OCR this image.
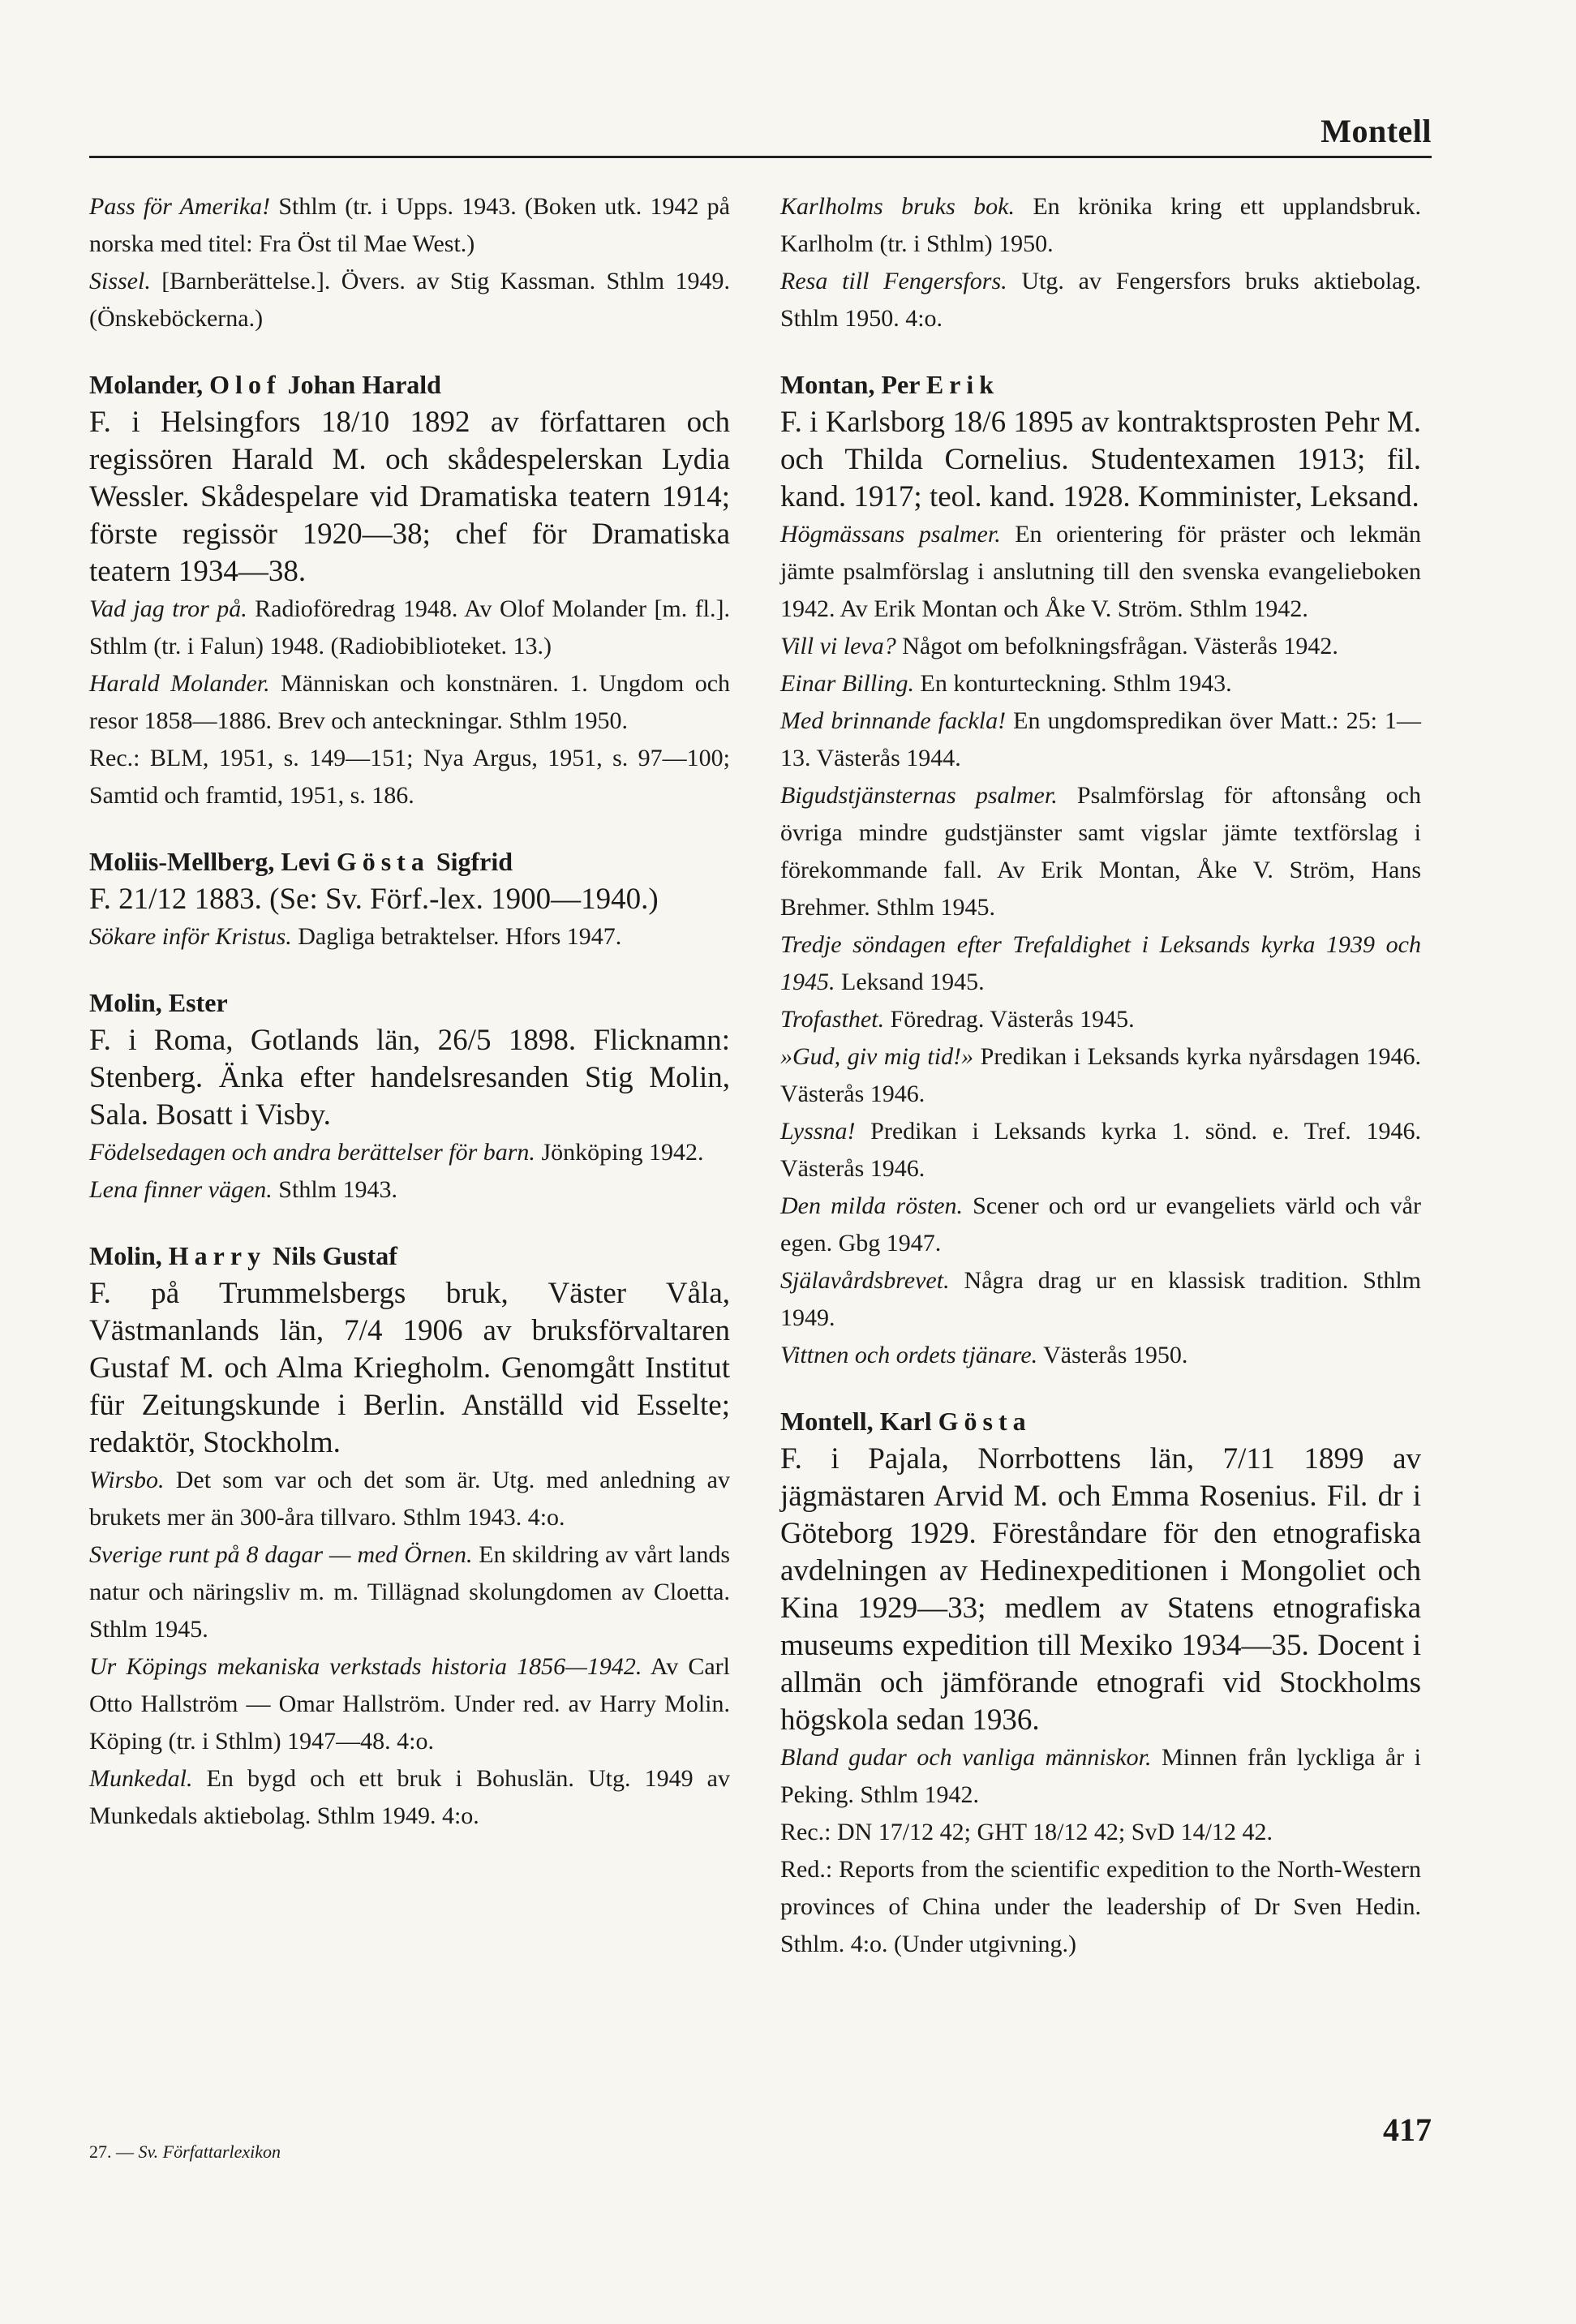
Montell

Pass för Amerika! Sthlm (tr. i Upps. 1943. (Boken utk. 1942 på norska med titel: Fra Öst til Mae West.)

Sissel. [Barnberättelse.]. Övers. av Stig Kassman. Sthlm 1949. (Önskeböckerna.)

Molander, Olof Johan Harald

F. i Helsingfors 18/10 1892 av författaren och regissören Harald M. och skådespelerskan Lydia Wessler. Skådespelare vid Dramatiska teatern 1914; förste regissör 1920—38; chef för Dramatiska teatern 1934—38.

Vad jag tror på. Radioföredrag 1948. Av Olof Molander [m. fl.]. Sthlm (tr. i Falun) 1948. (Radiobiblioteket. 13.)

Harald Molander. Människan och konstnären. 1. Ungdom och resor 1858—1886. Brev och anteckningar. Sthlm 1950.

Rec.: BLM, 1951, s. 149—151; Nya Argus, 1951, s. 97—100; Samtid och framtid, 1951, s. 186.

Moliis-Mellberg, Levi Gösta Sigfrid

F. 21/12 1883. (Se: Sv. Förf.-lex. 1900—1940.)

Sökare inför Kristus. Dagliga betraktelser. Hfors 1947.

Molin, Ester

F. i Roma, Gotlands län, 26/5 1898. Flicknamn: Stenberg. Änka efter handelsresanden Stig Molin, Sala. Bosatt i Visby.

Födelsedagen och andra berättelser för barn. Jönköping 1942.

Lena finner vägen. Sthlm 1943.

Molin, Harry Nils Gustaf

F. på Trummelsbergs bruk, Väster Våla, Västmanlands län, 7/4 1906 av bruksförvaltaren Gustaf M. och Alma Kriegholm. Genomgått Institut für Zeitungskunde i Berlin. Anställd vid Esselte; redaktör, Stockholm.

Wirsbo. Det som var och det som är. Utg. med anledning av brukets mer än 300-åra tillvaro. Sthlm 1943. 4:o.

Sverige runt på 8 dagar — med Örnen. En skildring av vårt lands natur och näringsliv m. m. Tillägnad skolungdomen av Cloetta. Sthlm 1945.

Ur Köpings mekaniska verkstads historia 1856—1942. Av Carl Otto Hallström — Omar Hallström. Under red. av Harry Molin. Köping (tr. i Sthlm) 1947—48. 4:o.

Munkedal. En bygd och ett bruk i Bohuslän. Utg. 1949 av Munkedals aktiebolag. Sthlm 1949. 4:o.

Karlholms bruks bok. En krönika kring ett upplandsbruk. Karlholm (tr. i Sthlm) 1950.

Resa till Fengersfors. Utg. av Fengersfors bruks aktiebolag. Sthlm 1950. 4:o.

Montan, Per Erik

F. i Karlsborg 18/6 1895 av kontraktsprosten Pehr M. och Thilda Cornelius. Studentexamen 1913; fil. kand. 1917; teol. kand. 1928. Komminister, Leksand.

Högmässans psalmer. En orientering för präster och lekmän jämte psalmförslag i anslutning till den svenska evangelieboken 1942. Av Erik Montan och Åke V. Ström. Sthlm 1942.

Vill vi leva? Något om befolkningsfrågan. Västerås 1942.

Einar Billing. En konturteckning. Sthlm 1943.

Med brinnande fackla! En ungdomspredikan över Matt.: 25: 1—13. Västerås 1944.

Bigudstjänsternas psalmer. Psalmförslag för aftonsång och övriga mindre gudstjänster samt vigslar jämte textförslag i förekommande fall. Av Erik Montan, Åke V. Ström, Hans Brehmer. Sthlm 1945.

Tredje söndagen efter Trefaldighet i Leksands kyrka 1939 och 1945. Leksand 1945.

Trofasthet. Föredrag. Västerås 1945.

»Gud, giv mig tid!» Predikan i Leksands kyrka nyårsdagen 1946. Västerås 1946.

Lyssna! Predikan i Leksands kyrka 1. sönd. e. Tref. 1946. Västerås 1946.

Den milda rösten. Scener och ord ur evangeliets värld och vår egen. Gbg 1947.

Själavårdsbrevet. Några drag ur en klassisk tradition. Sthlm 1949.

Vittnen och ordets tjänare. Västerås 1950.

Montell, Karl Gösta

F. i Pajala, Norrbottens län, 7/11 1899 av jägmästaren Arvid M. och Emma Rosenius. Fil. dr i Göteborg 1929. Föreståndare för den etnografiska avdelningen av Hedinexpeditionen i Mongoliet och Kina 1929—33; medlem av Statens etnografiska museums expedition till Mexiko 1934—35. Docent i allmän och jämförande etnografi vid Stockholms högskola sedan 1936.

Bland gudar och vanliga människor. Minnen från lyckliga år i Peking. Sthlm 1942.

Rec.: DN 17/12 42; GHT 18/12 42; SvD 14/12 42.

Red.: Reports from the scientific expedition to the North-Western provinces of China under the leadership of Dr Sven Hedin. Sthlm. 4:o. (Under utgivning.)

27. — Sv. Författarlexikon
417
